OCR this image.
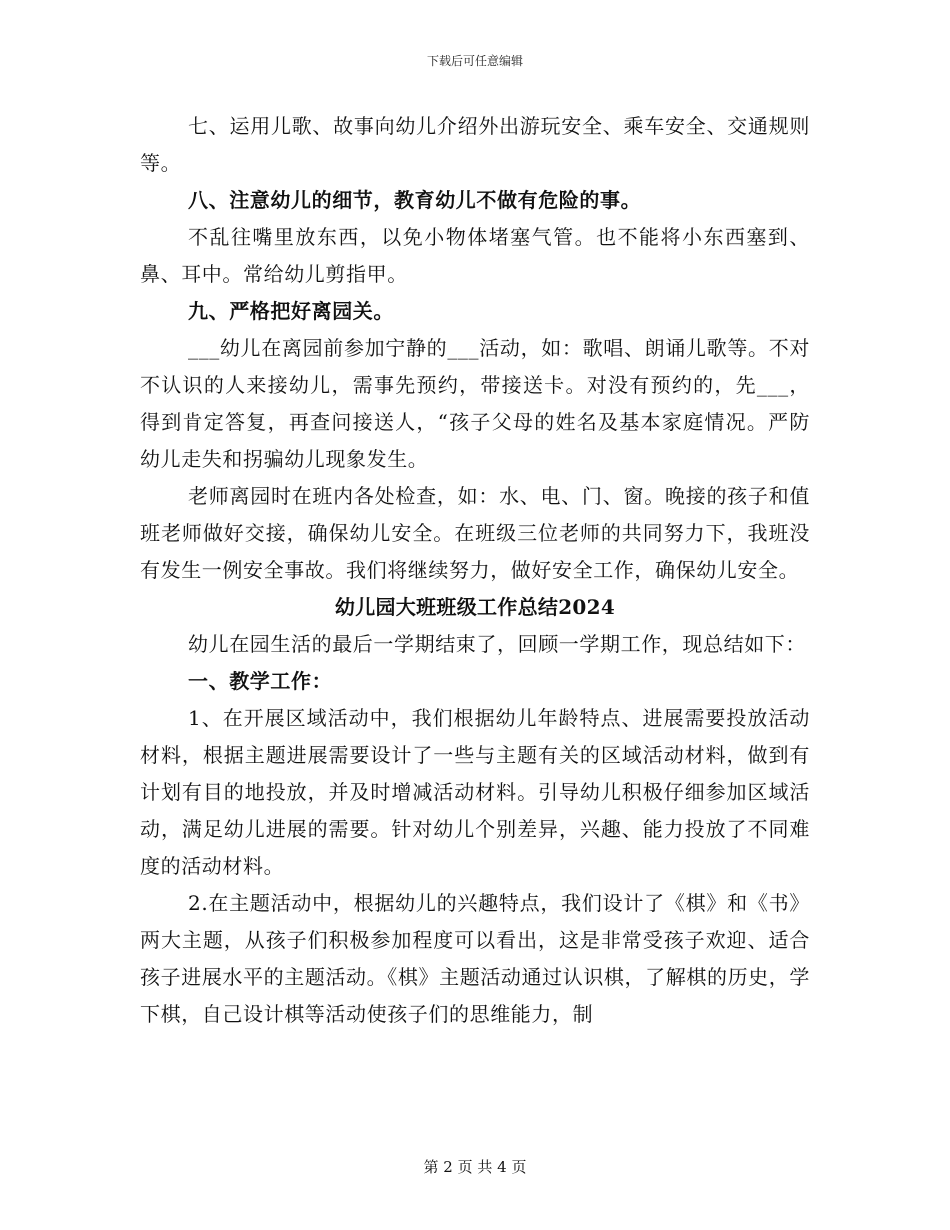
下载后可任意编辑

七、运用儿歌、故事向幼儿介绍外出游玩安全、乘车安全、交通规则等。

八、注意幼儿的细节，教育幼儿不做有危险的事。

不乱往嘴里放东西，以免小物体堵塞气管。也不能将小东西塞到、鼻、耳中。常给幼儿剪指甲。

九、严格把好离园关。

___幼儿在离园前参加宁静的___活动，如：歌唱、朗诵儿歌等。不对不认识的人来接幼儿，需事先预约，带接送卡。对没有预约的，先___，得到肯定答复，再查问接送人，“孩子父母的姓名及基本家庭情况。严防幼儿走失和拐骗幼儿现象发生。

老师离园时在班内各处检查，如：水、电、门、窗。晚接的孩子和值班老师做好交接，确保幼儿安全。在班级三位老师的共同努力下，我班没有发生一例安全事故。我们将继续努力，做好安全工作，确保幼儿安全。

幼儿园大班班级工作总结2024

幼儿在园生活的最后一学期结束了，回顾一学期工作，现总结如下：

一、教学工作：

1、在开展区域活动中，我们根据幼儿年龄特点、进展需要投放活动材料，根据主题进展需要设计了一些与主题有关的区域活动材料，做到有计划有目的地投放，并及时增减活动材料。引导幼儿积极仔细参加区域活动，满足幼儿进展的需要。针对幼儿个别差异，兴趣、能力投放了不同难度的活动材料。

2.在主题活动中，根据幼儿的兴趣特点，我们设计了《棋》和《书》两大主题，从孩子们积极参加程度可以看出，这是非常受孩子欢迎、适合孩子进展水平的主题活动。《棋》主题活动通过认识棋，了解棋的历史，学下棋，自己设计棋等活动使孩子们的思维能力，制

第 2 页 共 4 页
